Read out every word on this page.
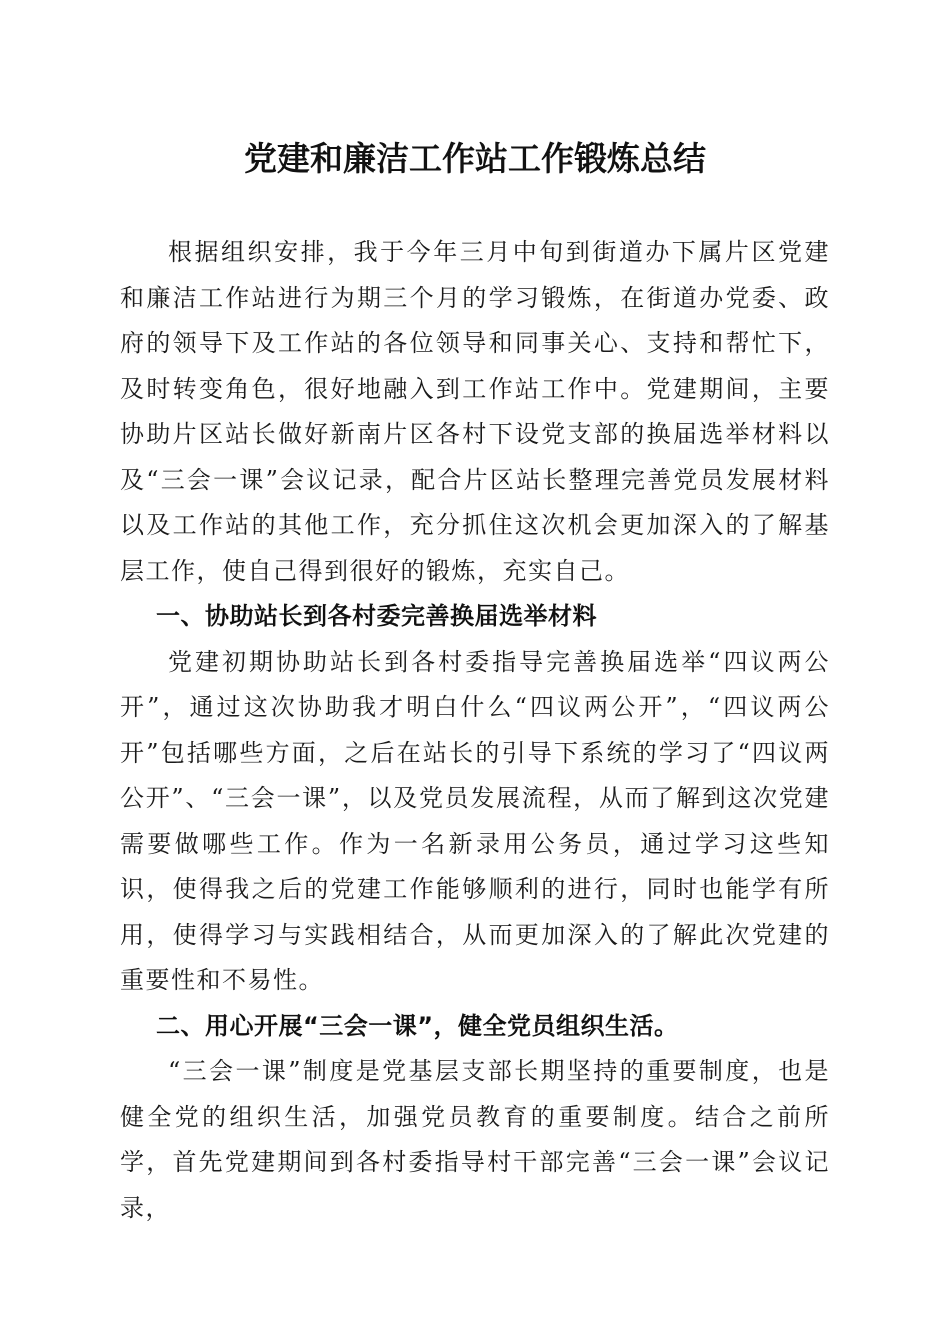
党建和廉洁工作站工作锻炼总结

根据组织安排，我于今年三月中旬到街道办下属片区党建和廉洁工作站进行为期三个月的学习锻炼，在街道办党委、政府的领导下及工作站的各位领导和同事关心、支持和帮忙下，及时转变角色，很好地融入到工作站工作中。党建期间，主要协助片区站长做好新南片区各村下设党支部的换届选举材料以及“三会一课”会议记录，配合片区站长整理完善党员发展材料以及工作站的其他工作，充分抓住这次机会更加深入的了解基层工作，使自己得到很好的锻炼，充实自己。

一、协助站长到各村委完善换届选举材料

党建初期协助站长到各村委指导完善换届选举“四议两公开”，通过这次协助我才明白什么“四议两公开”，“四议两公开”包括哪些方面，之后在站长的引导下系统的学习了“四议两公开”、“三会一课”，以及党员发展流程，从而了解到这次党建需要做哪些工作。作为一名新录用公务员，通过学习这些知识，使得我之后的党建工作能够顺利的进行，同时也能学有所用，使得学习与实践相结合，从而更加深入的了解此次党建的重要性和不易性。

二、用心开展“三会一课”，健全党员组织生活。

“三会一课”制度是党基层支部长期坚持的重要制度，也是健全党的组织生活，加强党员教育的重要制度。结合之前所学，首先党建期间到各村委指导村干部完善“三会一课”会议记录，
